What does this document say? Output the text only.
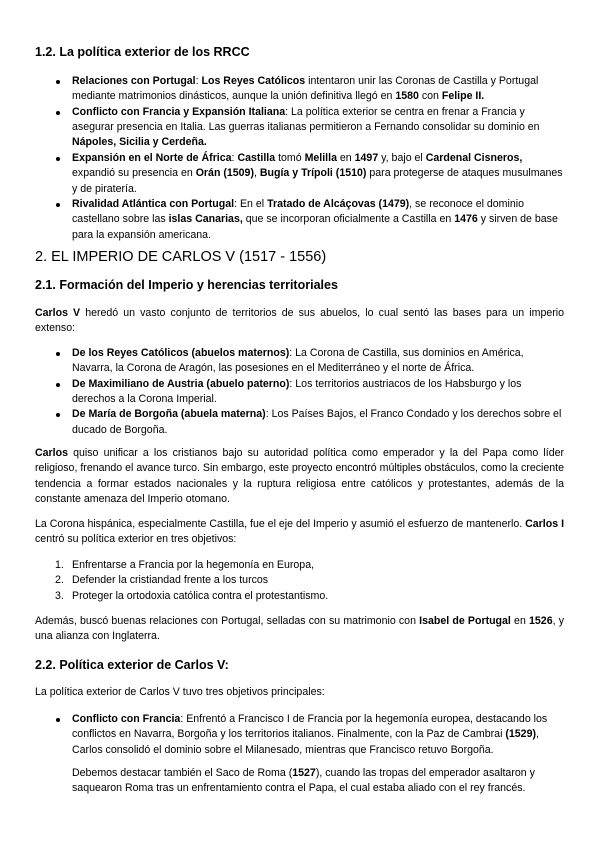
1.2. La política exterior de los RRCC
Relaciones con Portugal: Los Reyes Católicos intentaron unir las Coronas de Castilla y Portugal mediante matrimonios dinásticos, aunque la unión definitiva llegó en 1580 con Felipe II.
Conflicto con Francia y Expansión Italiana: La política exterior se centra en frenar a Francia y asegurar presencia en Italia. Las guerras italianas permitieron a Fernando consolidar su dominio en Nápoles, Sicilia y Cerdeña.
Expansión en el Norte de África: Castilla tomó Melilla en 1497 y, bajo el Cardenal Cisneros, expandió su presencia en Orán (1509), Bugía y Trípoli (1510) para protegerse de ataques musulmanes y de piratería.
Rivalidad Atlántica con Portugal: En el Tratado de Alcáçovas (1479), se reconoce el dominio castellano sobre las islas Canarias, que se incorporan oficialmente a Castilla en 1476 y sirven de base para la expansión americana.
2. EL IMPERIO DE CARLOS V (1517 - 1556)
2.1. Formación del Imperio y herencias territoriales

Carlos V heredó un vasto conjunto de territorios de sus abuelos, lo cual sentó las bases para un imperio extenso:

De los Reyes Católicos (abuelos maternos): La Corona de Castilla, sus dominios en América, Navarra, la Corona de Aragón, las posesiones en el Mediterráneo y el norte de África.
De Maximiliano de Austria (abuelo paterno): Los territorios austriacos de los Habsburgo y los derechos a la Corona Imperial.
De María de Borgoña (abuela materna): Los Países Bajos, el Franco Condado y los derechos sobre el ducado de Borgoña.

Carlos quiso unificar a los cristianos bajo su autoridad política como emperador y la del Papa como líder religioso, frenando el avance turco. Sin embargo, este proyecto encontró múltiples obstáculos, como la creciente tendencia a formar estados nacionales y la ruptura religiosa entre católicos y protestantes, además de la constante amenaza del Imperio otomano.

La Corona hispánica, especialmente Castilla, fue el eje del Imperio y asumió el esfuerzo de mantenerlo. Carlos I centró su política exterior en tres objetivos:

1. Enfrentarse a Francia por la hegemonía en Europa,
2. Defender la cristiandad frente a los turcos
3. Proteger la ortodoxia católica contra el protestantismo.

Además, buscó buenas relaciones con Portugal, selladas con su matrimonio con Isabel de Portugal en 1526, y una alianza con Inglaterra.

2.2. Política exterior de Carlos V:

La política exterior de Carlos V tuvo tres objetivos principales:

Conflicto con Francia: Enfrentó a Francisco I de Francia por la hegemonía europea, destacando los conflictos en Navarra, Borgoña y los territorios italianos. Finalmente, con la Paz de Cambrai (1529), Carlos consolidó el dominio sobre el Milanesado, mientras que Francisco retuvo Borgoña.

Debemos destacar también el Saco de Roma (1527), cuando las tropas del emperador asaltaron y saquearon Roma tras un enfrentamiento contra el Papa, el cual estaba aliado con el rey francés.
